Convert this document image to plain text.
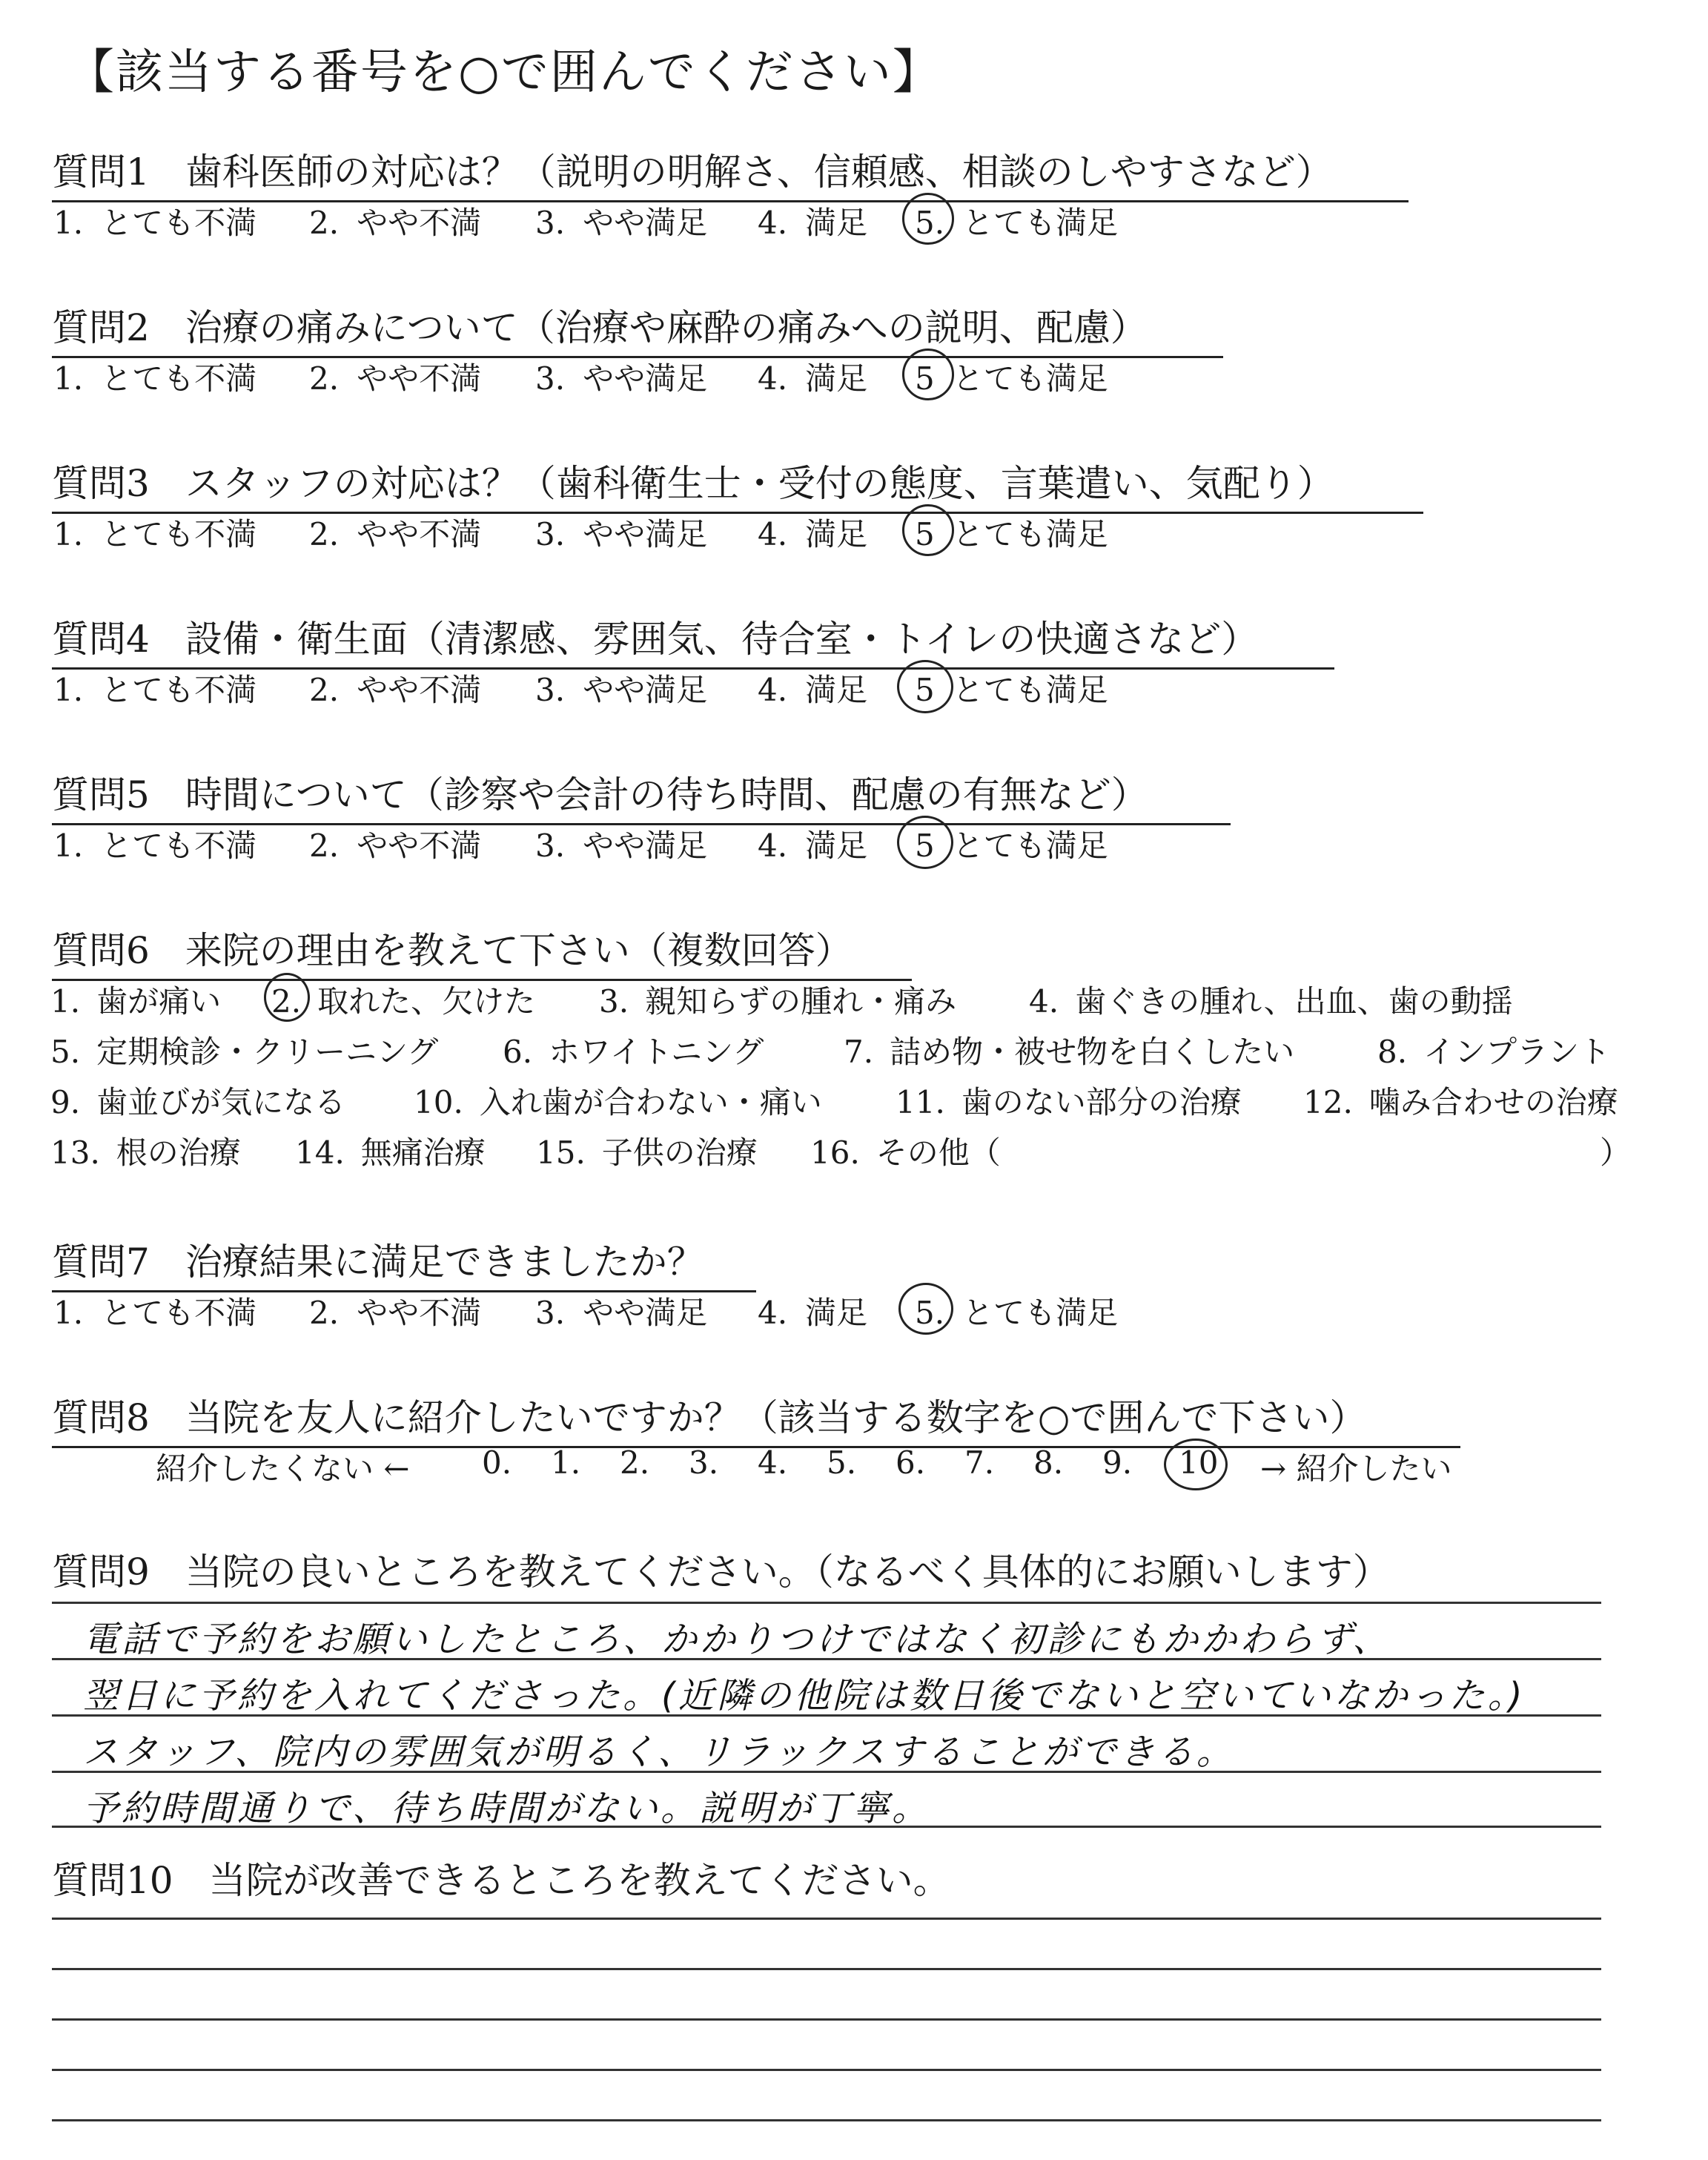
【該当する番号を○で囲んでください】
質問1 歯科医師の対応は？（説明の明解さ、信頼感、相談のしやすさなど）
1. とても不満 2. やや不満 3. やや満足 4. 満足 5. とても満足
質問2 治療の痛みについて（治療や麻酔の痛みへの説明、配慮）
1. とても不満 2. やや不満 3. やや満足 4. 満足 5 とても満足
質問3 スタッフの対応は？（歯科衛生士・受付の態度、言葉遣い、気配り）
1. とても不満 2. やや不満 3. やや満足 4. 満足 5 とても満足
質問4 設備・衛生面（清潔感、雰囲気、待合室・トイレの快適さなど）
1. とても不満 2. やや不満 3. やや満足 4. 満足 5 とても満足
質問5 時間について（診察や会計の待ち時間、配慮の有無など）
1. とても不満 2. やや不満 3. やや満足 4. 満足 5 とても満足
質問6 来院の理由を教えて下さい（複数回答）
1. 歯が痛い 2. 取れた、欠けた 3. 親知らずの腫れ・痛み 4. 歯ぐきの腫れ、出血、歯の動揺
5. 定期検診・クリーニング 6. ホワイトニング	7. 詰め物・被せ物を白くしたい	8. インプラント
9. 歯並びが気になる 10. 入れ歯が合わない・痛い 11. 歯のない部分の治療 12. 噛み合わせの治療
13. 根の治療 14. 無痛治療 15. 子供の治療 16. その他（	）
質問7 治療結果に満足できましたか？
1. とても不満 2. やや不満 3. やや満足 4. 満足 5. とても満足
質問8 当院を友人に紹介したいですか？（該当する数字を○で囲んで下さい）
紹介したくない ← 0. 1. 2. 3. 4. 5. 6. 7. 8. 9. 10 → 紹介したい
質問9 当院の良いところを教えてください。（なるべく具体的にお願いします）
電話で予約をお願いしたところ、かかりつけではなく初診にもかかわらず、
翌日に予約を入れてくださった。(近隣の他院は数日後でないと空いていなかった。)
スタッフ、院内の雰囲気が明るく、リラックスすることができる。
予約時間通りで、待ち時間がない。説明が丁寧。
質問10 当院が改善できるところを教えてください。
